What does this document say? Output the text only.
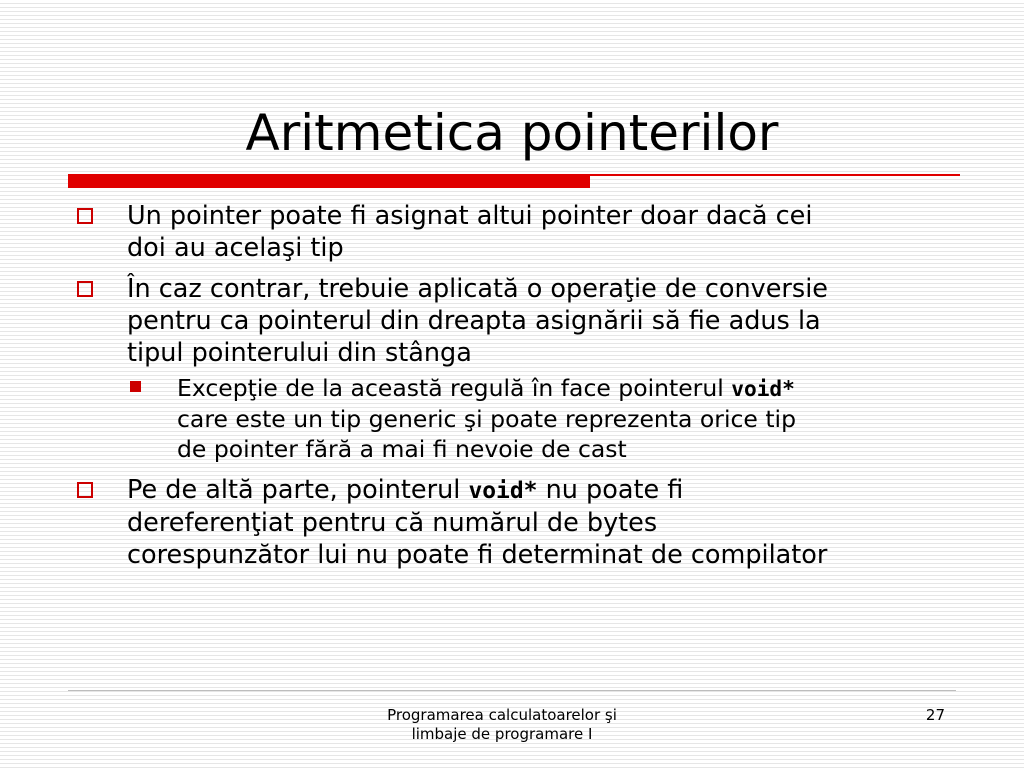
Aritmetica pointerilor
Un pointer poate fi asignat altui pointer doar dacă cei
doi au acelaşi tip
În caz contrar, trebuie aplicată o operaţie de conversie
pentru ca pointerul din dreapta asignării să fie adus la
tipul pointerului din stânga
Excepţie de la această regulă în face pointerul void*
care este un tip generic şi poate reprezenta orice tip
de pointer fără a mai fi nevoie de cast
Pe de altă parte, pointerul void* nu poate fi
dereferenţiat pentru că numărul de bytes
corespunzător lui nu poate fi determinat de compilator
Programarea calculatoarelor şi
limbaje de programare I
27
